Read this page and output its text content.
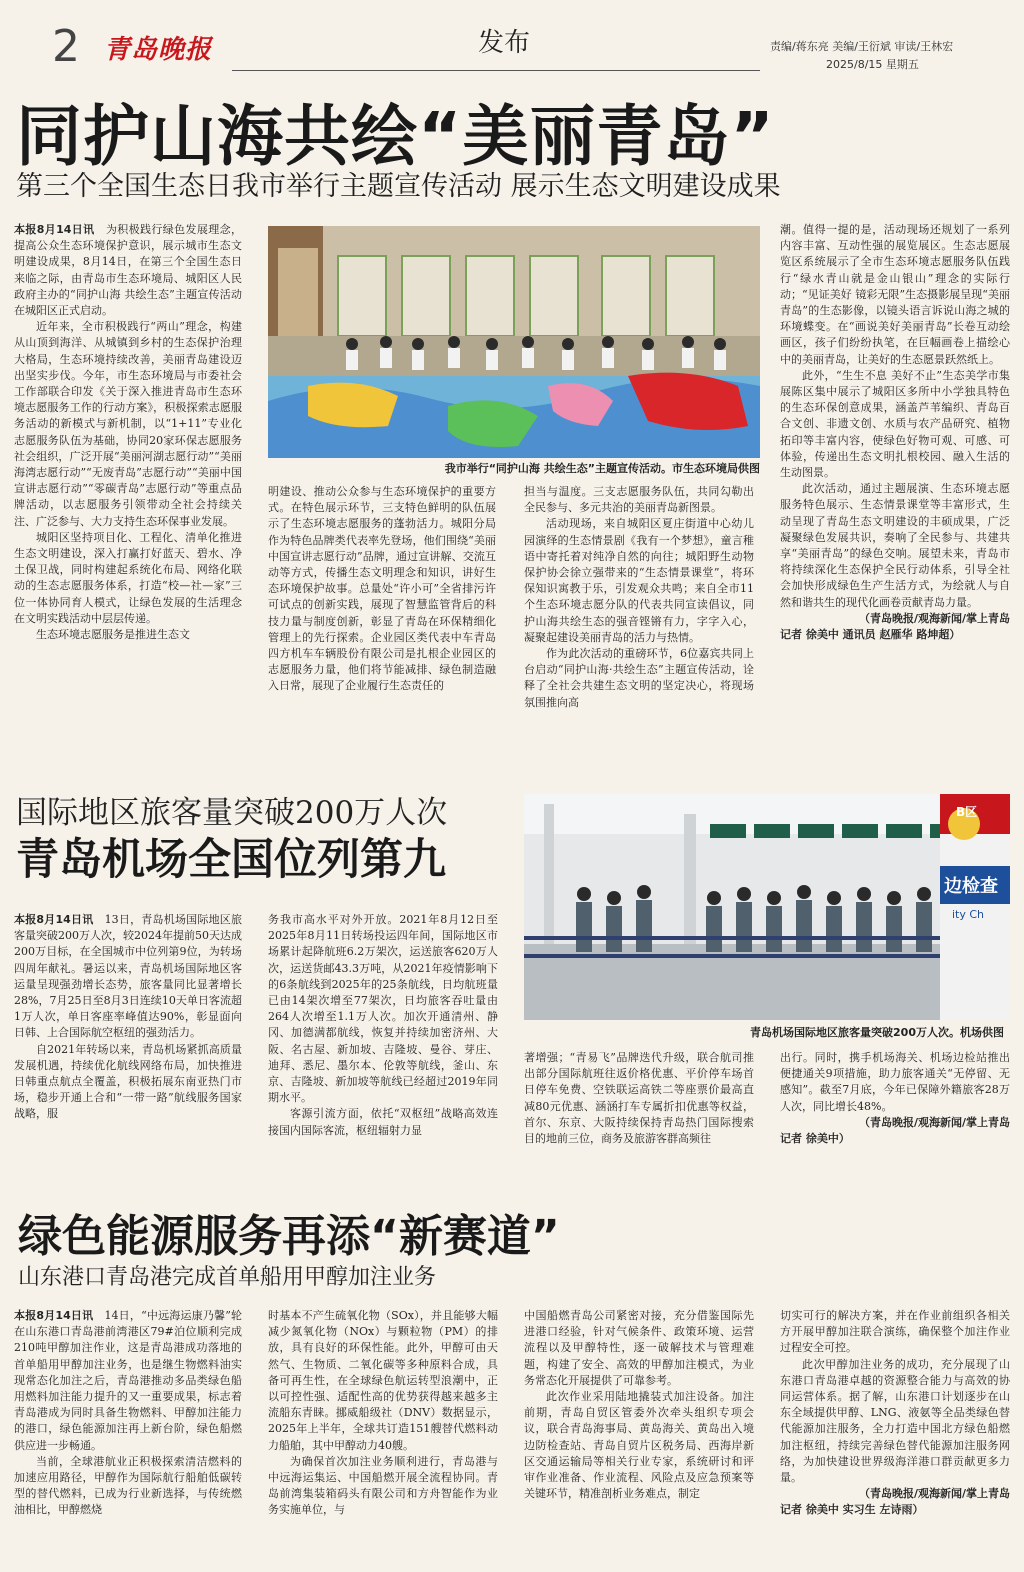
2 青岛晚报	发布	责编/蒋东亮 美编/王衍斌 审读/王林宏
2025/8/15 星期五
同护山海共绘“美丽青岛”
第三个全国生态日我市举行主题宣传活动 展示生态文明建设成果

本报8月14日讯　 为积极践行绿色发展理念，提高公众生态环境保护意识，展示城市生态文明建设成果，8月14日，在第三个全国生态日来临之际，由青岛市生态环境局、城阳区人民政府主办的“同护山海 共绘生态”主题宣传活动在城阳区正式启动。

近年来，全市积极践行“两山”理念，构建从山顶到海洋、从城镇到乡村的生态保护治理大格局，生态环境持续改善，美丽青岛建设迈出坚实步伐。今年，市生态环境局与市委社会工作部联合印发《关于深入推进青岛市生态环境志愿服务工作的行动方案》，积极探索志愿服务活动的新模式与新机制，以“1+11”专业化志愿服务队伍为基础，协同20家环保志愿服务社会组织，广泛开展“美丽河湖志愿行动”“美丽海湾志愿行动”“无废青岛”志愿行动”“美丽中国宣讲志愿行动”“零碳青岛”志愿行动”等重点品牌活动，以志愿服务引领带动全社会持续关注、广泛参与、大力支持生态环保事业发展。

城阳区坚持项目化、工程化、清单化推进生态文明建设，深入打赢打好蓝天、碧水、净土保卫战，同时构建起系统化布局、网络化联动的生态志愿服务体系，打造“校—社—家”三位一体协同育人模式，让绿色发展的生活理念在文明实践活动中层层传递。

生态环境志愿服务是推进生态文

我市举行“同护山海 共绘生态”主题宣传活动。市生态环境局供图

明建设、推动公众参与生态环境保护的重要方式。在特色展示环节，三支特色鲜明的队伍展示了生态环境志愿服务的蓬勃活力。城阳分局作为特色品牌类代表率先登场，他们围绕“美丽中国宣讲志愿行动”品牌，通过宣讲解、交流互动等方式，传播生态文明理念和知识，讲好生态环境保护故事。总量处“许小可”全省排污许可试点的创新实践，展现了智慧监管背后的科技力量与制度创新，彰显了青岛在环保精细化管理上的先行探索。企业园区类代表中车青岛四方机车车辆股份有限公司是扎根企业园区的志愿服务力量，他们将节能减排、绿色制造融入日常，展现了企业履行生态责任的

担当与温度。三支志愿服务队伍，共同勾勒出全民参与、多元共治的美丽青岛新图景。

活动现场，来自城阳区夏庄街道中心幼儿园演绎的生态情景剧《我有一个梦想》，童言稚语中寄托着对纯净自然的向往；城阳野生动物保护协会徐立强带来的“生态情景课堂”，将环保知识寓教于乐，引发观众共鸣；来自全市11个生态环境志愿分队的代表共同宣读倡议，同护山海共绘生态的强音铿锵有力，字字入心，凝聚起建设美丽青岛的活力与热情。

作为此次活动的重磅环节，6位嘉宾共同上台启动“同护山海·共绘生态”主题宣传活动，诠释了全社会共建生态文明的坚定决心，将现场氛围推向高

潮。值得一提的是，活动现场还规划了一系列内容丰富、互动性强的展览展区。生态志愿展览区系统展示了全市生态环境志愿服务队伍践行“绿水青山就是金山银山”理念的实际行动；“见证美好 镜彩无限”生态摄影展呈现“美丽青岛”的生态影像，以镜头语言诉说山海之城的环境蝶变。在“画说美好美丽青岛”长卷互动绘画区，孩子们纷纷执笔，在巨幅画卷上描绘心中的美丽青岛，让美好的生态愿景跃然纸上。

此外，“生生不息 美好不止”生态美学市集展陈区集中展示了城阳区多所中小学独具特色的生态环保创意成果，涵盖芦苇编织、青岛百合文创、非遗文创、水质与农产品研究、植物拓印等丰富内容，使绿色好物可观、可感、可体验，传递出生态文明扎根校园、融入生活的生动图景。

此次活动，通过主题展演、生态环境志愿服务特色展示、生态情景课堂等丰富形式，生动呈现了青岛生态文明建设的丰硕成果，广泛凝聚绿色发展共识，奏响了全民参与、共建共享“美丽青岛”的绿色交响。展望未来，青岛市将持续深化生态保护全民行动体系，引导全社会加快形成绿色生产生活方式，为绘就人与自然和谐共生的现代化画卷贡献青岛力量。

（青岛晚报/观海新闻/掌上青岛

记者 徐美中 通讯员 赵雁华 路坤超）

国际地区旅客量突破200万人次
青岛机场全国位列第九
边检查
ity Ch
B区
青岛机场国际地区旅客量突破200万人次。机场供图

本报8月14日讯　 13日，青岛机场国际地区旅客量突破200万人次，较2024年提前50天达成200万目标，在全国城市中位列第9位，为转场四周年献礼。暑运以来，青岛机场国际地区客运量呈现强劲增长态势，旅客量同比显著增长28%，7月25日至8月3日连续10天单日客流超1万人次，单日客座率峰值达90%，彰显面向日韩、上合国际航空枢纽的强劲活力。

自2021年转场以来，青岛机场紧抓高质量发展机遇，持续优化航线网络布局，加快推进日韩重点航点全覆盖，积极拓展东南亚热门市场，稳步开通上合和“一带一路”航线服务国家战略，服

务我市高水平对外开放。2021年8月12日至2025年8月11日转场投运四年间，国际地区市场累计起降航班6.2万架次，运送旅客620万人次，运送货邮43.3万吨，从2021年疫情影响下的6条航线到2025年的25条航线，日均航班量已由14架次增至77架次，日均旅客吞吐量由264人次增至1.1万人次。加次开通清州、静冈、加德满都航线，恢复并持续加密济州、大阪、名古屋、新加坡、吉隆坡、曼谷、芽庄、迪拜、悉尼、墨尔本、伦敦等航线，釜山、东京、吉隆坡、新加坡等航线已经超过2019年同期水平。

客源引流方面，依托“双枢纽”战略高效连接国内国际客流，枢纽辐射力显

著增强；“青易飞”品牌迭代升级，联合航司推出部分国际航班往返价格优惠、平价停车场首日停车免费、空铁联运高铁二等座票价最高直减80元优惠、涵涵打车专属折扣优惠等权益，首尔、东京、大阪持续保持青岛热门国际搜索目的地前三位，商务及旅游客群高频往

出行。同时，携手机场海关、机场边检站推出便捷通关9项措施，助力旅客通关“无停留、无感知”。截至7月底，今年已保障外籍旅客28万人次，同比增长48%。

（青岛晚报/观海新闻/掌上青岛

记者 徐美中）

绿色能源服务再添“新赛道”
山东港口青岛港完成首单船用甲醇加注业务

本报8月14日讯　 14日，“中远海运康乃馨”轮在山东港口青岛港前湾港区79#泊位顺利完成210吨甲醇加注作业，这是青岛港成功落地的首单船用甲醇加注业务，也是继生物燃料油实现常态化加注之后，青岛港推动多品类绿色船用燃料加注能力提升的又一重要成果，标志着青岛港成为同时具备生物燃料、甲醇加注能力的港口，绿色能源加注再上新台阶，绿色船燃供应进一步畅通。

当前，全球港航业正积极探索清洁燃料的加速应用路径，甲醇作为国际航行船舶低碳转型的替代燃料，已成为行业新选择，与传统燃油相比，甲醇燃烧

时基本不产生硫氧化物（SOx），并且能够大幅减少氮氧化物（NOx）与颗粒物（PM）的排放，具有良好的环保性能。此外，甲醇可由天然气、生物质、二氧化碳等多种原料合成，具备可再生性，在全球绿色航运转型浪潮中，正以可控性强、适配性高的优势获得越来越多主流船东青睐。挪威船级社（DNV）数据显示，2025年上半年，全球共订造151艘替代燃料动力船舶，其中甲醇动力40艘。

为确保首次加注业务顺利进行，青岛港与中远海运集运、中国船燃开展全流程协同。青岛前湾集装箱码头有限公司和方舟智能作为业务实施单位，与

中国船燃青岛公司紧密对接，充分借鉴国际先进港口经验，针对气候条件、政策环境、运营流程以及甲醇特性，逐一破解技术与管理难题，构建了安全、高效的甲醇加注模式，为业务常态化开展提供了可靠参考。

此次作业采用陆地撬装式加注设备。加注前期，青岛自贸区管委外次牵头组织专项会议，联合青岛海事局、黄岛海关、黄岛出入境边防检查站、青岛自贸片区税务局、西海岸新区交通运输局等相关行业专家，系统研讨和评审作业准备、作业流程、风险点及应急预案等关键环节，精准剖析业务难点，制定

切实可行的解决方案，并在作业前组织各相关方开展甲醇加注联合演练，确保整个加注作业过程安全可控。

此次甲醇加注业务的成功，充分展现了山东港口青岛港卓越的资源整合能力与高效的协同运营体系。据了解，山东港口计划逐步在山东全域提供甲醇、LNG、液氨等全品类绿色替代能源加注服务，全力打造中国北方绿色船燃加注枢纽，持续完善绿色替代能源加注服务网络，为加快建设世界级海洋港口群贡献更多力量。

（青岛晚报/观海新闻/掌上青岛

记者 徐美中 实习生 左诗雨）
